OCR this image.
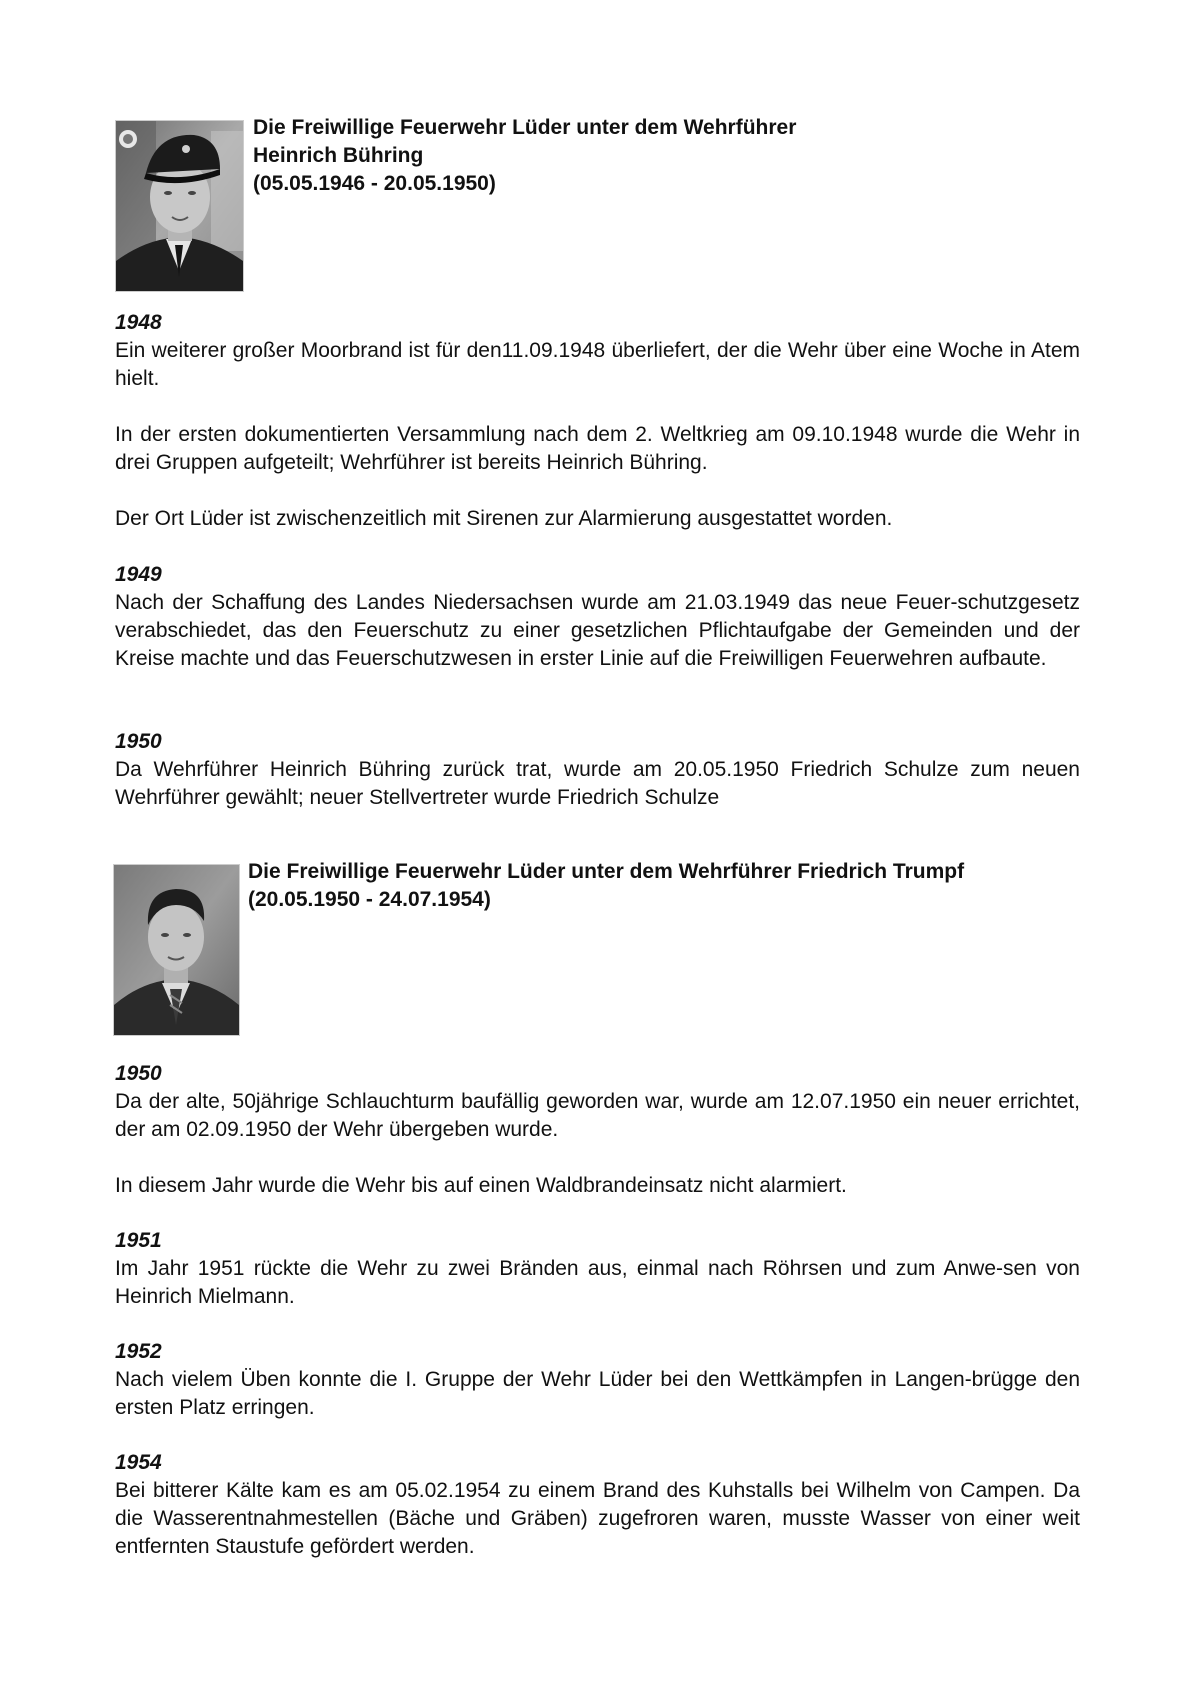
Die Freiwillige Feuerwehr Lüder unter dem Wehrführer
Heinrich Bühring
(05.05.1946 - 20.05.1950)
1948

Ein weiterer großer Moorbrand ist für den11.09.1948 überliefert, der die Wehr über eine Woche in Atem hielt.

In der ersten dokumentierten Versammlung nach dem 2. Weltkrieg am 09.10.1948 wurde die Wehr in drei Gruppen aufgeteilt; Wehrführer ist bereits Heinrich Bühring.

Der Ort Lüder ist zwischenzeitlich mit Sirenen zur Alarmierung ausgestattet worden.

1949

Nach der Schaffung des Landes Niedersachsen wurde am 21.03.1949 das neue Feuer-schutzgesetz verabschiedet, das den Feuerschutz zu einer gesetzlichen Pflichtaufgabe der Gemeinden und der Kreise machte und das Feuerschutzwesen in erster Linie auf die Freiwilligen Feuerwehren aufbaute.

1950

Da Wehrführer Heinrich Bühring zurück trat, wurde am 20.05.1950 Friedrich Schulze zum neuen Wehrführer gewählt; neuer Stellvertreter wurde Friedrich Schulze

Die Freiwillige Feuerwehr Lüder unter dem Wehrführer Friedrich Trumpf
(20.05.1950 - 24.07.1954)
1950

Da der alte, 50jährige Schlauchturm baufällig geworden war, wurde am 12.07.1950 ein neuer errichtet, der am 02.09.1950 der Wehr übergeben wurde.

In diesem Jahr wurde die Wehr bis auf einen Waldbrandeinsatz nicht alarmiert.

1951

Im Jahr 1951 rückte die Wehr zu zwei Bränden aus, einmal nach Röhrsen und zum Anwe-sen von Heinrich Mielmann.

1952

Nach vielem Üben konnte die I. Gruppe der Wehr Lüder bei den Wettkämpfen in Langen-brügge den ersten Platz erringen.

1954

Bei bitterer Kälte kam es am 05.02.1954 zu einem Brand des Kuhstalls bei Wilhelm von Campen. Da die Wasserentnahmestellen (Bäche und Gräben) zugefroren waren, musste Wasser von einer weit entfernten Staustufe gefördert werden.
